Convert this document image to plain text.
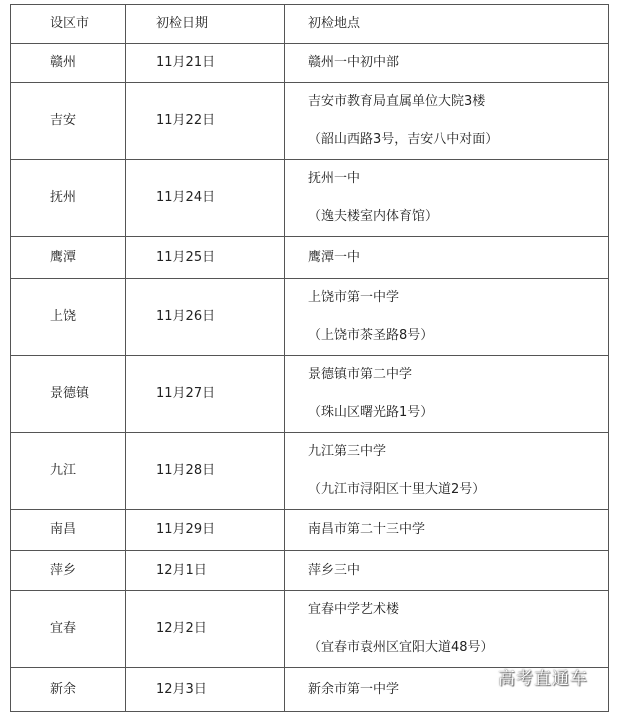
设区市	初检日期	初检地点
赣州	11月21日	赣州一中初中部

吉安	11月22日	吉安市教育局直属单位大院3楼
（韶山西路3号，吉安八中对面）

抚州	11月24日	抚州一中
（逸夫楼室内体育馆）

鹰潭	11月25日	鹰潭一中

上饶	11月26日	上饶市第一中学
（上饶市茶圣路8号）

景德镇	11月27日	景德镇市第二中学
（珠山区曙光路1号）

九江	11月28日	九江第三中学
（九江市浔阳区十里大道2号）

南昌	11月29日	南昌市第二十三中学

萍乡	12月1日	萍乡三中

宜春	12月2日	宜春中学艺术楼
（宜春市袁州区宜阳大道48号）

新余	12月3日	新余市第一中学	高考直通车
